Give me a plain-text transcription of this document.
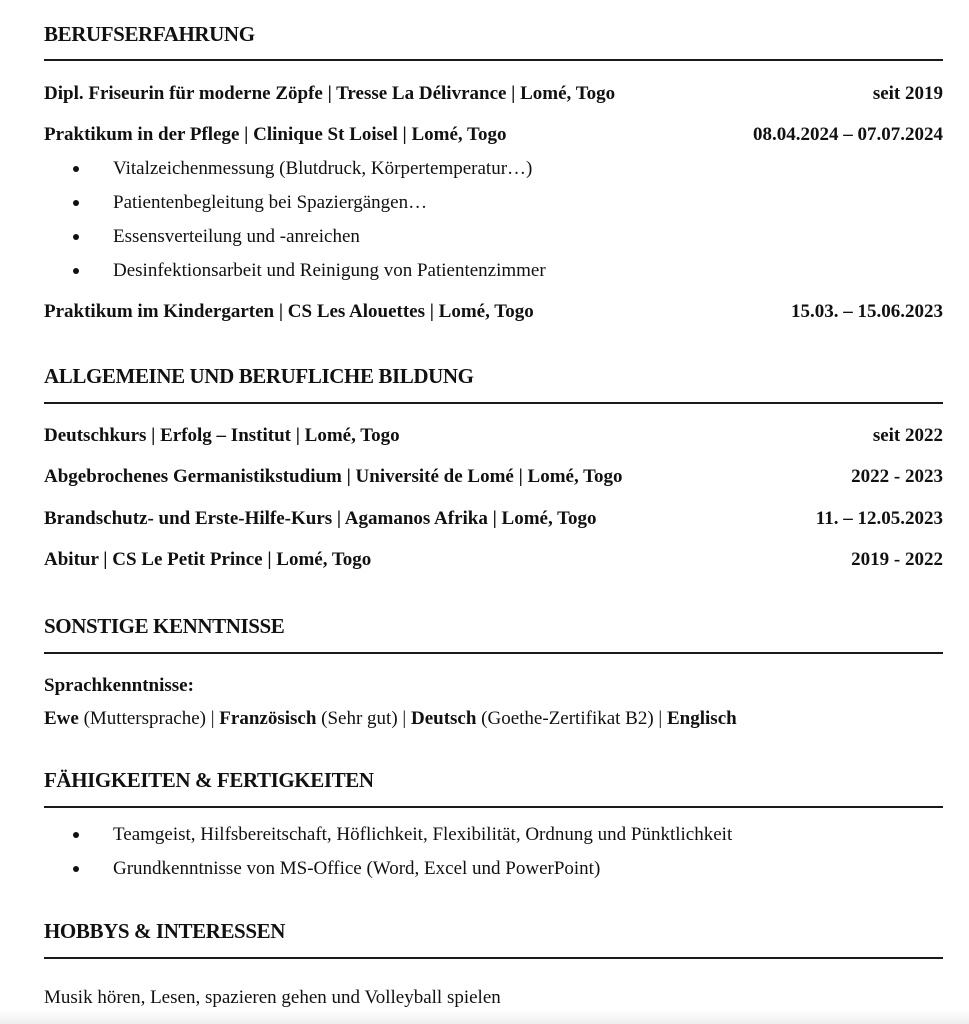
BERUFSERFAHRUNG
Dipl. Friseurin für moderne Zöpfe | Tresse La Délivrance | Lomé, Togo	seit 2019
Praktikum in der Pflege | Clinique St Loisel | Lomé, Togo	08.04.2024 – 07.07.2024
Vitalzeichenmessung (Blutdruck, Körpertemperatur…)
Patientenbegleitung bei Spaziergängen…
Essensverteilung und -anreichen
Desinfektionsarbeit und Reinigung von Patientenzimmer
Praktikum im Kindergarten | CS Les Alouettes | Lomé, Togo	15.03. – 15.06.2023
ALLGEMEINE UND BERUFLICHE BILDUNG
Deutschkurs | Erfolg – Institut | Lomé, Togo	seit 2022
Abgebrochenes Germanistikstudium | Université de Lomé | Lomé, Togo	2022 - 2023
Brandschutz- und Erste-Hilfe-Kurs | Agamanos Afrika | Lomé, Togo	11. – 12.05.2023
Abitur | CS Le Petit Prince | Lomé, Togo	2019 - 2022
SONSTIGE KENNTNISSE
Sprachkenntnisse:
Ewe (Muttersprache) | Französisch (Sehr gut) | Deutsch (Goethe-Zertifikat B2) | Englisch
FÄHIGKEITEN & FERTIGKEITEN
Teamgeist, Hilfsbereitschaft, Höflichkeit, Flexibilität, Ordnung und Pünktlichkeit
Grundkenntnisse von MS-Office (Word, Excel und PowerPoint)
HOBBYS & INTERESSEN
Musik hören, Lesen, spazieren gehen und Volleyball spielen
